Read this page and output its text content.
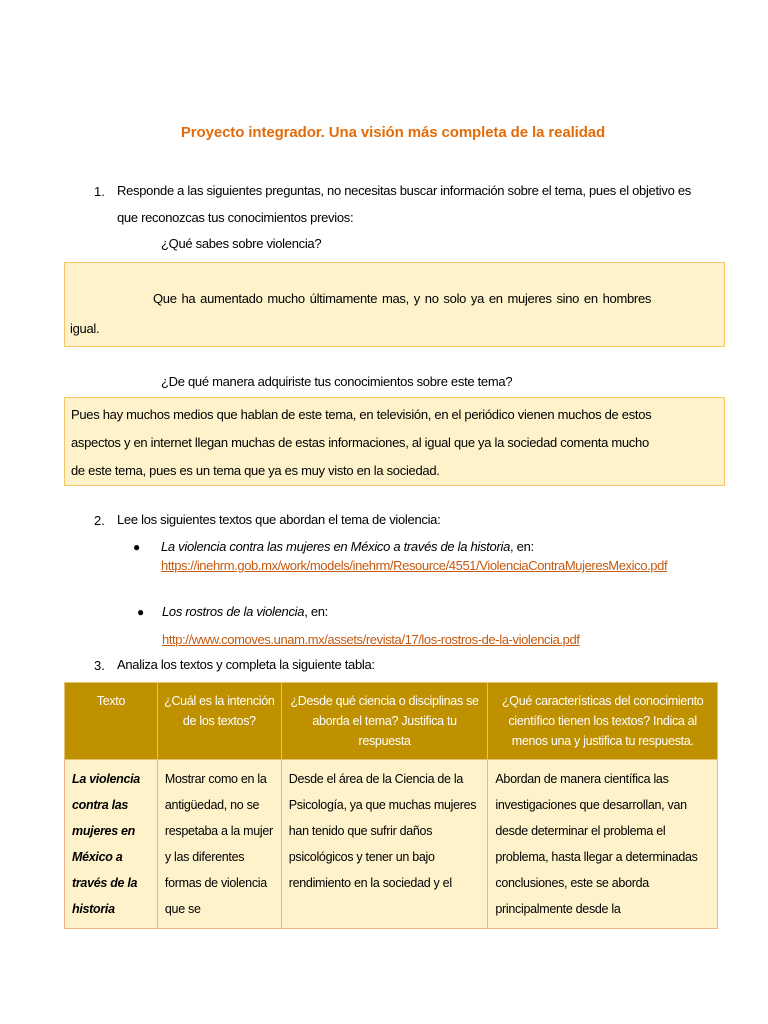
Proyecto integrador. Una visión más completa de la realidad
1. Responde a las siguientes preguntas, no necesitas buscar información sobre el tema, pues el objetivo es
que reconozcas tus conocimientos previos:
¿Qué sabes sobre violencia?
Que ha aumentado mucho últimamente mas, y no solo ya en mujeres sino en hombres
igual.
¿De qué manera adquiriste tus conocimientos sobre este tema?
Pues hay muchos medios que hablan de este tema, en televisión, en el periódico vienen muchos de estos
aspectos y en internet llegan muchas de estas informaciones, al igual que ya la sociedad comenta mucho
de este tema, pues es un tema que ya es muy visto en la sociedad.
2. Lee los siguientes textos que abordan el tema de violencia:
● La violencia contra las mujeres en México a través de la historia, en:
https://inehrm.gob.mx/work/models/inehrm/Resource/4551/ViolenciaContraMujeresMexico.pdf
● Los rostros de la violencia, en:
http://www.comoves.unam.mx/assets/revista/17/los-rostros-de-la-violencia.pdf
3. Analiza los textos y completa la siguiente tabla:
Texto	¿Cuál es la intención de los textos?	¿Desde qué ciencia o disciplinas se aborda el tema? Justifica tu respuesta	¿Qué características del conocimiento científico tienen los textos? Indica al menos una y justifica tu respuesta.
La violencia contra las mujeres en México a través de la historia	Mostrar como en la antigüedad, no se respetaba a la mujer y las diferentes formas de violencia que se	Desde el área de la Ciencia de la Psicología, ya que muchas mujeres han tenido que sufrir daños psicológicos y tener un bajo rendimiento en la sociedad y el	Abordan de manera científica las investigaciones que desarrollan, van desde determinar el problema el problema, hasta llegar a determinadas conclusiones, este se aborda principalmente desde la
